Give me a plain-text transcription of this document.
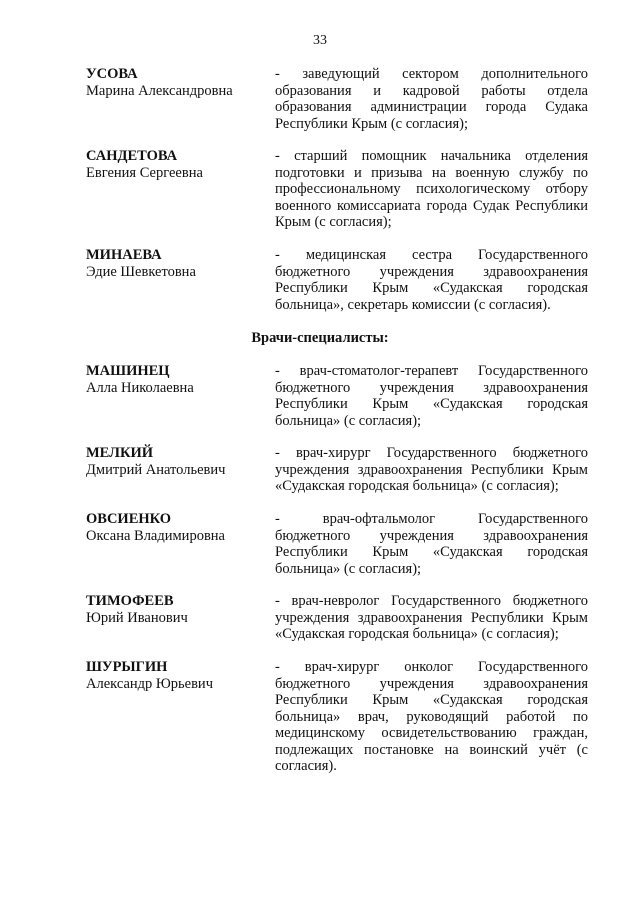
33
УСОВА
Марина Александровна
- заведующий сектором дополнительного образования и кадровой работы отдела образования администрации города Судака Республики Крым (с согласия);
САНДЕТОВА
Евгения Сергеевна
- старший помощник начальника отделения подготовки и призыва на военную службу по профессиональному психологическому отбору военного комиссариата города Судак Республики Крым (с согласия);
МИНАЕВА
Эдие Шевкетовна
- медицинская сестра Государственного бюджетного учреждения здравоохранения Республики Крым «Судакская городская больница», секретарь комиссии (с согласия).
Врачи-специалисты:
МАШИНЕЦ
Алла Николаевна
- врач-стоматолог-терапевт Государственного бюджетного учреждения здравоохранения Республики Крым «Судакская городская больница» (с согласия);
МЕЛКИЙ
Дмитрий Анатольевич
- врач-хирург Государственного бюджетного учреждения здравоохранения Республики Крым «Судакская городская больница» (с согласия);
ОВСИЕНКО
Оксана Владимировна
- врач-офтальмолог Государственного бюджетного учреждения здравоохранения Республики Крым «Судакская городская больница» (с согласия);
ТИМОФЕЕВ
Юрий Иванович
- врач-невролог Государственного бюджетного учреждения здравоохранения Республики Крым «Судакская городская больница» (с согласия);
ШУРЫГИН
Александр Юрьевич
- врач-хирург онколог Государственного бюджетного учреждения здравоохранения Республики Крым «Судакская городская больница» врач, руководящий работой по медицинскому освидетельствованию граждан, подлежащих постановке на воинский учёт (с согласия).
